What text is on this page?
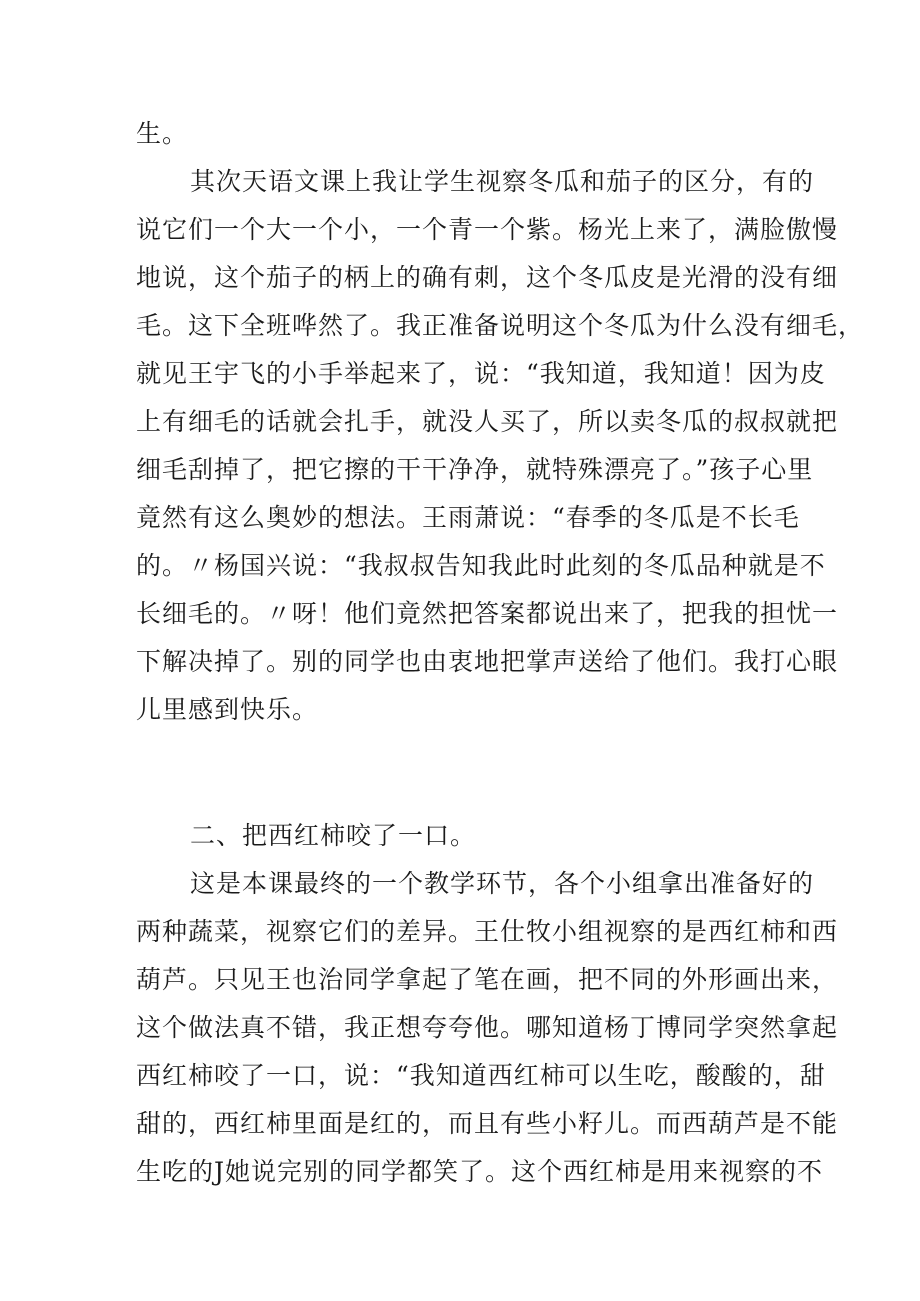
生。
其次天语文课上我让学生视察冬瓜和茄子的区分，有的
说它们一个大一个小，一个青一个紫。杨光上来了，满脸傲慢
地说，这个茄子的柄上的确有刺，这个冬瓜皮是光滑的没有细
毛。这下全班哗然了。我正准备说明这个冬瓜为什么没有细毛，
就见王宇飞的小手举起来了，说：“我知道，我知道！因为皮
上有细毛的话就会扎手，就没人买了，所以卖冬瓜的叔叔就把
细毛刮掉了，把它擦的干干净净，就特殊漂亮了。”孩子心里
竟然有这么奥妙的想法。王雨萧说：“春季的冬瓜是不长毛
的。〃杨国兴说：“我叔叔告知我此时此刻的冬瓜品种就是不
长细毛的。〃呀！他们竟然把答案都说出来了，把我的担忧一
下解决掉了。别的同学也由衷地把掌声送给了他们。我打心眼
儿里感到快乐。
二、把西红柿咬了一口。
这是本课最终的一个教学环节，各个小组拿出准备好的
两种蔬菜，视察它们的差异。王仕牧小组视察的是西红柿和西
葫芦。只见王也治同学拿起了笔在画，把不同的外形画出来，
这个做法真不错，我正想夸夸他。哪知道杨丁博同学突然拿起
西红柿咬了一口，说：“我知道西红柿可以生吃，酸酸的，甜
甜的，西红柿里面是红的，而且有些小籽儿。而西葫芦是不能
生吃的J她说完别的同学都笑了。这个西红柿是用来视察的不
